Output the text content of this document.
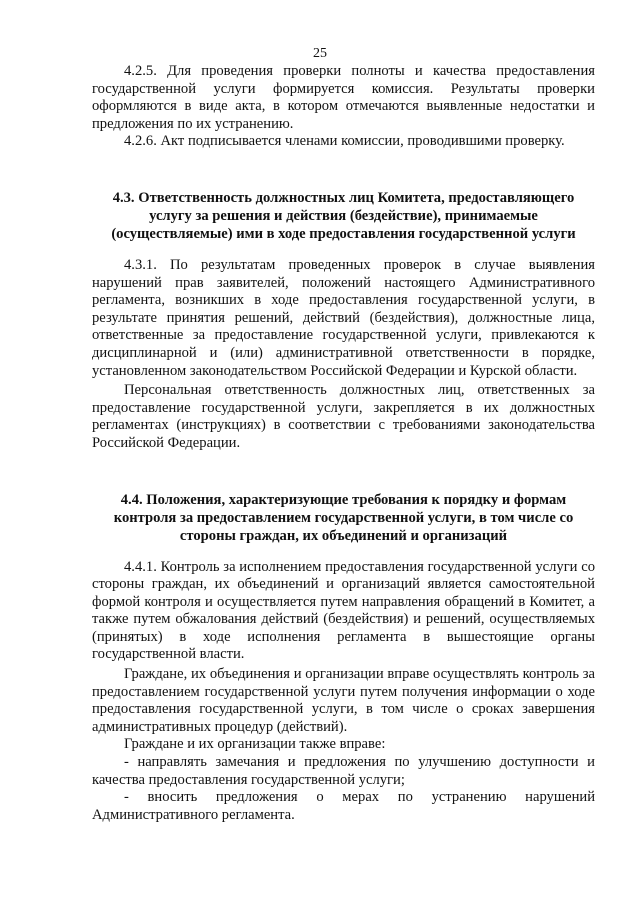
25

4.2.5. Для проведения проверки полноты и качества предоставления государственной услуги формируется комиссия. Результаты проверки оформляются в виде акта, в котором отмечаются выявленные недостатки и предложения по их устранению.

4.2.6. Акт подписывается членами комиссии, проводившими проверку.

4.3. Ответственность должностных лиц Комитета, предоставляющего
услугу за решения и действия (бездействие), принимаемые
(осуществляемые) ими в ходе предоставления государственной услуги

4.3.1. По результатам проведенных проверок в случае выявления нарушений прав заявителей, положений настоящего Административного регламента, возникших в ходе предоставления государственной услуги, в результате принятия решений, действий (бездействия), должностные лица, ответственные за предоставление государственной услуги, привлекаются к дисциплинарной и (или) административной ответственности в порядке, установленном законодательством Российской Федерации и Курской области.

Персональная ответственность должностных лиц, ответственных за предоставление государственной услуги, закрепляется в их должностных регламентах (инструкциях) в соответствии с требованиями законодательства Российской Федерации.

4.4. Положения, характеризующие требования к порядку и формам
контроля за предоставлением государственной услуги, в том числе со
стороны граждан, их объединений и организаций

4.4.1. Контроль за исполнением предоставления государственной услуги со стороны граждан, их объединений и организаций является самостоятельной формой контроля и осуществляется путем направления обращений в Комитет, а также путем обжалования действий (бездействия) и решений, осуществляемых (принятых) в ходе исполнения регламента в вышестоящие органы государственной власти.

Граждане, их объединения и организации вправе осуществлять контроль за предоставлением государственной услуги путем получения информации о ходе предоставления государственной услуги, в том числе о сроках завершения административных процедур (действий).

Граждане и их организации также вправе:

- направлять замечания и предложения по улучшению доступности и качества предоставления государственной услуги;

- вносить предложения о мерах по устранению нарушений Административного регламента.
